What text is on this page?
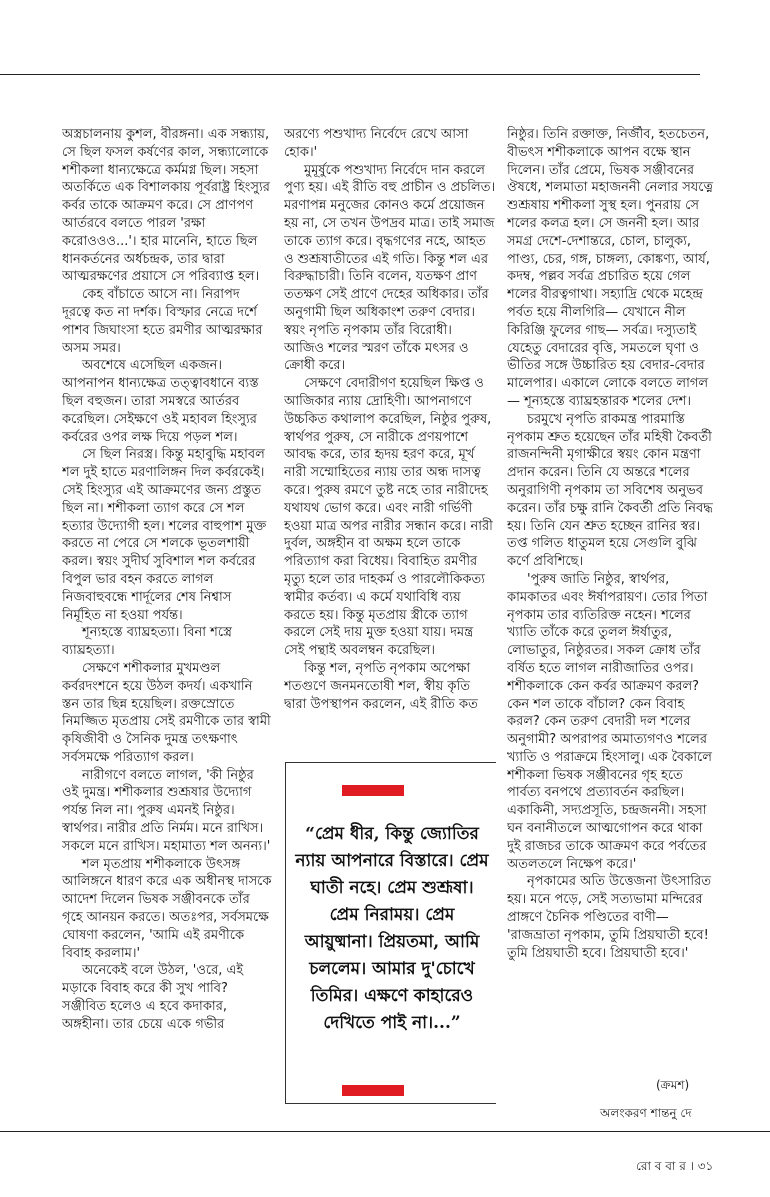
অস্ত্রচালনায় কুশল, বীরঙ্গনা। এক সন্ধ্যায়, সে ছিল ফসল কর্ষণের কাল, সন্ধ্যালোকে শশীকলা ধান্যক্ষেত্রে কর্মমগ্ন ছিল। সহসা অতর্কিতে এক বিশালকায় পূর্বরাষ্ট্র হিংস্যুর কর্বর তাকে আক্রমণ করে। সে প্রাণপণ আর্তরবে বলতে পারল 'রক্ষা করোওওও...'। হার মানেনি, হাতে ছিল ধানকর্তনের অর্ধচন্দ্রক, তার দ্বারা আত্মরক্ষণের প্রয়াসে সে পরিব্যাপ্ত হল।

কেহ বাঁচাতে আসে না। নিরাপদ দূরত্বে কত না দর্শক। বিস্ফার নেত্রে দর্শে পাশব জিঘাংসা হতে রমণীর আত্মরক্ষার অসম সমর।

অবশেষে এসেছিল একজন। আপনাপন ধান্যক্ষেত্র তত্ত্বাবধানে ব্যস্ত ছিল বহুজন। তারা সমস্বরে আর্তরব করেছিল। সেইক্ষণে ওই মহাবল হিংস্যুর কর্বরের ওপর লক্ষ দিয়ে পড়ল শল।

সে ছিল নিরস্ত্র। কিন্তু মহাবুদ্ধি মহাবল শল দুই হাতে মরণালিঙ্গন দিল কর্বরকেই। সেই হিংস্যুর এই আক্রমণের জন্য প্রস্তুত ছিল না। শশীকলা ত্যাগ করে সে শল হত্যার উদ্যোগী হল। শলের বাহুপাশ মুক্ত করতে না পেরে সে শলকে ভূতলশায়ী করল। স্বয়ং সুদীর্ঘ সুবিশাল শল কর্বরের বিপুল ভার বহন করতে লাগল নিজবাহুবন্ধে শার্দূলের শেষ নিশ্বাস নির্মূহিত না হওয়া পর্যন্ত।

শূন্যহস্তে ব্যাঘ্রহত্যা। বিনা শস্ত্রে ব্যাঘ্রহত্যা।

সেক্ষণে শশীকলার মুখমণ্ডল কর্বরদংশনে হয়ে উঠল কদর্য। একখানি স্তন তার ছিন্ন হয়েছিল। রক্তস্রোতে নিমজ্জিত মৃতপ্রায় সেই রমণীকে তার স্বামী কৃষিজীবী ও সৈনিক দুমন্ত্র তৎক্ষণাৎ সর্বসমক্ষে পরিত্যাগ করল।

নারীগণে বলতে লাগল, 'কী নিষ্ঠুর ওই দুমন্ত্র। শশীকলার শুশ্রূষার উদ্যোগ পর্যন্ত নিল না। পুরুষ এমনই নিষ্ঠুর। স্বার্থপর। নারীর প্রতি নির্মম। মনে রাখিস। সকলে মনে রাখিস। মহামাত্য শল অনন্য।'

শল মৃতপ্রায় শশীকলাকে উৎসঙ্গ আলিঙ্গনে ধারণ করে এক অধীনস্থ দাসকে আদেশ দিলেন ভিষক সঞ্জীবনকে তাঁর গৃহে আনয়ন করতে। অতঃপর, সর্বসমক্ষে ঘোষণা করলেন, 'আমি এই রমণীকে বিবাহ করলাম।'

অনেকেই বলে উঠল, 'ওরে, এই মড়াকে বিবাহ করে কী সুখ পাবি? সঞ্জীবিত হলেও এ হবে কদাকার, অঙ্গহীনা। তার চেয়ে একে গভীর

অরণ্যে পশুখাদ্য নির্বেদে রেখে আসা হোক।'

মুমূর্ষুকে পশুখাদ্য নির্বেদে দান করলে পুণ্য হয়। এই রীতি বহু প্রাচীন ও প্রচলিত। মরণাপন্ন মনুজের কোনও কর্মে প্রয়োজন হয় না, সে তখন উপদ্রব মাত্র। তাই সমাজ তাকে ত্যাগ করে। বৃদ্ধগণের নহে, আহত ও শুশ্রূষাতীতের এই গতি। কিন্তু শল এর বিরুদ্ধাচারী। তিনি বলেন, যতক্ষণ প্রাণ ততক্ষণ সেই প্রাণে দেহের অধিকার। তাঁর অনুগামী ছিল অধিকাংশ তরুণ বেদার। স্বয়ং নৃপতি নৃপকাম তাঁর বিরোধী। আজিও শলের স্মরণ তাঁকে মৎসর ও ক্রোধী করে।

সেক্ষণে বেদারীগণ হয়েছিল ক্ষিপ্ত ও আজিকার ন্যায় দ্রোহিণী। আপনাগণে উচ্চকিত কথালাপ করেছিল, নিষ্ঠুর পুরুষ, স্বার্থপর পুরুষ, সে নারীকে প্রণয়পাশে আবদ্ধ করে, তার হৃদয় হরণ করে, মূর্খ নারী সম্মোহিতের ন্যায় তার অন্ধ দাসত্ব করে। পুরুষ রমণে তুষ্ট নহে তার নারীদেহ যথাযথ ভোগ করে। এবং নারী গর্ভিণী হওয়া মাত্র অপর নারীর সন্ধান করে। নারী দুর্বল, অঙ্গহীন বা অক্ষম হলে তাকে পরিত্যাগ করা বিধেয়। বিবাহিত রমণীর মৃত্যু হলে তার দাহকর্ম ও পারলৌকিকত্য স্বামীর কর্তব্য। এ কর্মে যথাবিধি ব্যয় করতে হয়। কিন্তু মৃতপ্রায় স্ত্রীকে ত্যাগ করলে সেই দায় মুক্ত হওয়া যায়। দমন্ত্র সেই পন্থাই অবলম্বন করেছিল।

কিন্তু শল, নৃপতি নৃপকাম অপেক্ষা শতগুণে জনমনতোষী শল, স্বীয় কৃতি দ্বারা উপস্থাপন করলেন, এই রীতি কত

নিষ্ঠুর। তিনি রক্তাক্ত, নির্জীব, হতচেতন, বীভৎস শশীকলাকে আপন বক্ষে স্থান দিলেন। তাঁর প্রেমে, ভিষক সঞ্জীবনের ঔষধে, শলমাতা মহাজননী নেলার সযত্নে শুশ্রূষায় শশীকলা সুস্থ হল। পুনরায় সে শলের কলত্র হল। সে জননী হল। আর সমগ্র দেশে-দেশান্তরে, চোল, চালুক্য, পাণ্ড্য, চের, গঙ্গ, চাঙ্গল্য, কোঙ্কণ্য, আর্য, কদম্ব, পল্লব সর্বত্র প্রচারিত হয়ে গেল শলের বীরত্বগাথা। সহ্যাদ্রি থেকে মহেন্দ্র পর্বত হয়ে নীলগিরি— যেখানে নীল কিরিঞ্জি ফুলের গাছ— সর্বত্র। দস্যুতাই যেহেতু বেদারের বৃত্তি, সমতলে ঘৃণা ও ভীতির সঙ্গে উচ্চারিত হয় বেদার-বেদার মালেপার। একালে লোকে বলতে লাগল— শূন্যহস্তে ব্যাঘ্রহন্তারক শলের দেশ।

চরমুখে নৃপতি রাকমন্ত্র পারমাস্তি নৃপকাম শ্রুত হয়েছেন তাঁর মহিষী কৈবর্তী রাজনন্দিনী মৃগাক্ষীরে স্বয়ং কোন মন্ত্রণা প্রদান করেন। তিনি যে অন্তরে শলের অনুরাগিণী নৃপকাম তা সবিশেষ অনুভব করেন। তাঁর চক্ষু রানি কৈবর্তী প্রতি নিবদ্ধ হয়। তিনি যেন শ্রুত হচ্ছেন রানির স্বর। তপ্ত গলিত ধাতুমল হয়ে সেগুলি বুঝি কর্ণে প্রবিশিছে।

'পুরুষ জাতি নিষ্ঠুর, স্বার্থপর, কামকাতর এবং ঈর্ষাপরায়ণ। তোর পিতা নৃপকাম তার ব্যতিরিক্ত নহেন। শলের খ্যাতি তাঁকে করে তুলল ঈর্ষাতুর, লোভাতুর, নিষ্ঠুরতর। সকল ক্রোধ তাঁর বর্ষিত হতে লাগল নারীজাতির ওপর। শশীকলাকে কেন কর্বর আক্রমণ করল? কেন শল তাকে বাঁচাল? কেন বিবাহ করল? কেন তরুণ বেদারী দল শলের অনুগামী? অপরাপর অমাত্যগণও শলের খ্যাতি ও পরাক্রমে হিংসালু। এক বৈকালে শশীকলা ভিষক সঞ্জীবনের গৃহ হতে পার্বত্য বনপথে প্রত্যাবর্তন করছিল। একাকিনী, সদ্যপ্রসূতি, চন্দ্রজননী। সহসা ঘন বনানীতলে আত্মগোপন করে থাকা দুই রাজচর তাকে আক্রমণ করে পর্বতের অতলতলে নিক্ষেপ করে।'

নৃপকামের অতি উত্তেজনা উৎসারিত হয়। মনে পড়ে, সেই সত্যভামা মন্দিরের প্রাঙ্গণে চৈনিক পণ্ডিতের বাণী— 'রাজভ্রাতা নৃপকাম, তুমি প্রিয়ঘাতী হবে! তুমি প্রিয়ঘাতী হবে। প্রিয়ঘাতী হবে।'

“প্রেম ধীর, কিন্তু জ্যোতির ন্যায় আপনারে বিস্তারে। প্রেম ঘাতী নহে। প্রেম শুশ্রূষা। প্রেম নিরাময়। প্রেম আয়ুষ্মানা। প্রিয়তমা, আমি চললেম। আমার দু'চোখে তিমির। এক্ষণে কাহারেও দেখিতে পাই না।...”
(ক্রমশ)
অলংকরণ শান্তনু দে
রো ব বা র । ৩১
